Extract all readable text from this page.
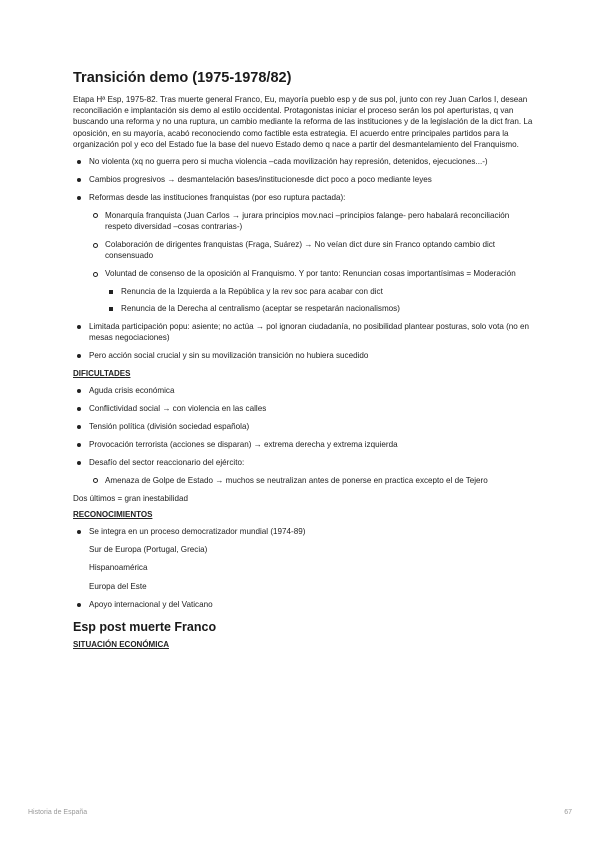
Transición demo (1975-1978/82)

Etapa Hª Esp, 1975-82. Tras muerte general Franco, Eu, mayoría pueblo esp y de sus pol, junto con rey Juan Carlos I, desean reconciliación e implantación sis demo al estilo occidental. Protagonistas iniciar el proceso serán los pol aperturistas, q van buscando una reforma y no una ruptura, un cambio mediante la reforma de las instituciones y de la legislación de la dict fran. La oposición, en su mayoría, acabó reconociendo como factible esta estrategia. El acuerdo entre principales partidos para la organización pol y eco del Estado fue la base del nuevo Estado demo q nace a partir del desmantelamiento del Franquismo.

No violenta (xq no guerra pero si mucha violencia –cada movilización hay represión, detenidos, ejecuciones...-)
Cambios progresivos → desmantelación bases/institucionesde dict poco a poco mediante leyes
Reformas desde las instituciones franquistas (por eso ruptura pactada):
Monarquía franquista (Juan Carlos → jurara principios mov.naci –principios falange- pero habalará reconciliación respeto diversidad –cosas contrarias-)
Colaboración de dirigentes franquistas (Fraga, Suárez) → No veían dict dure sin Franco optando cambio dict consensuado
Voluntad de consenso de la oposición al Franquismo. Y por tanto: Renuncian cosas importantísimas = Moderación
Renuncia de la Izquierda a la República y la rev soc para acabar con dict
Renuncia de la Derecha al centralismo (aceptar se respetarán nacionalismos)
Limitada participación popu: asiente; no actúa → pol ignoran ciudadanía, no posibilidad plantear posturas, solo vota (no en mesas negociaciones)
Pero acción social crucial y sin su movilización transición no hubiera sucedido
DIFICULTADES
Aguda crisis económica
Conflictividad social → con violencia en las calles
Tensión política (división sociedad española)
Provocación terrorista (acciones se disparan) → extrema derecha y extrema izquierda
Desafío del sector reaccionario del ejército:
Amenaza de Golpe de Estado → muchos se neutralizan antes de ponerse en practica excepto el de Tejero

Dos últimos = gran inestabilidad

RECONOCIMIENTOS
Se integra en un proceso democratizador mundial (1974-89)
Sur de Europa (Portugal, Grecia)
Hispanoamérica
Europa del Este
Apoyo internacional y del Vaticano
Esp post muerte Franco
SITUACIÓN ECONÓMICA
Historia de España	67
